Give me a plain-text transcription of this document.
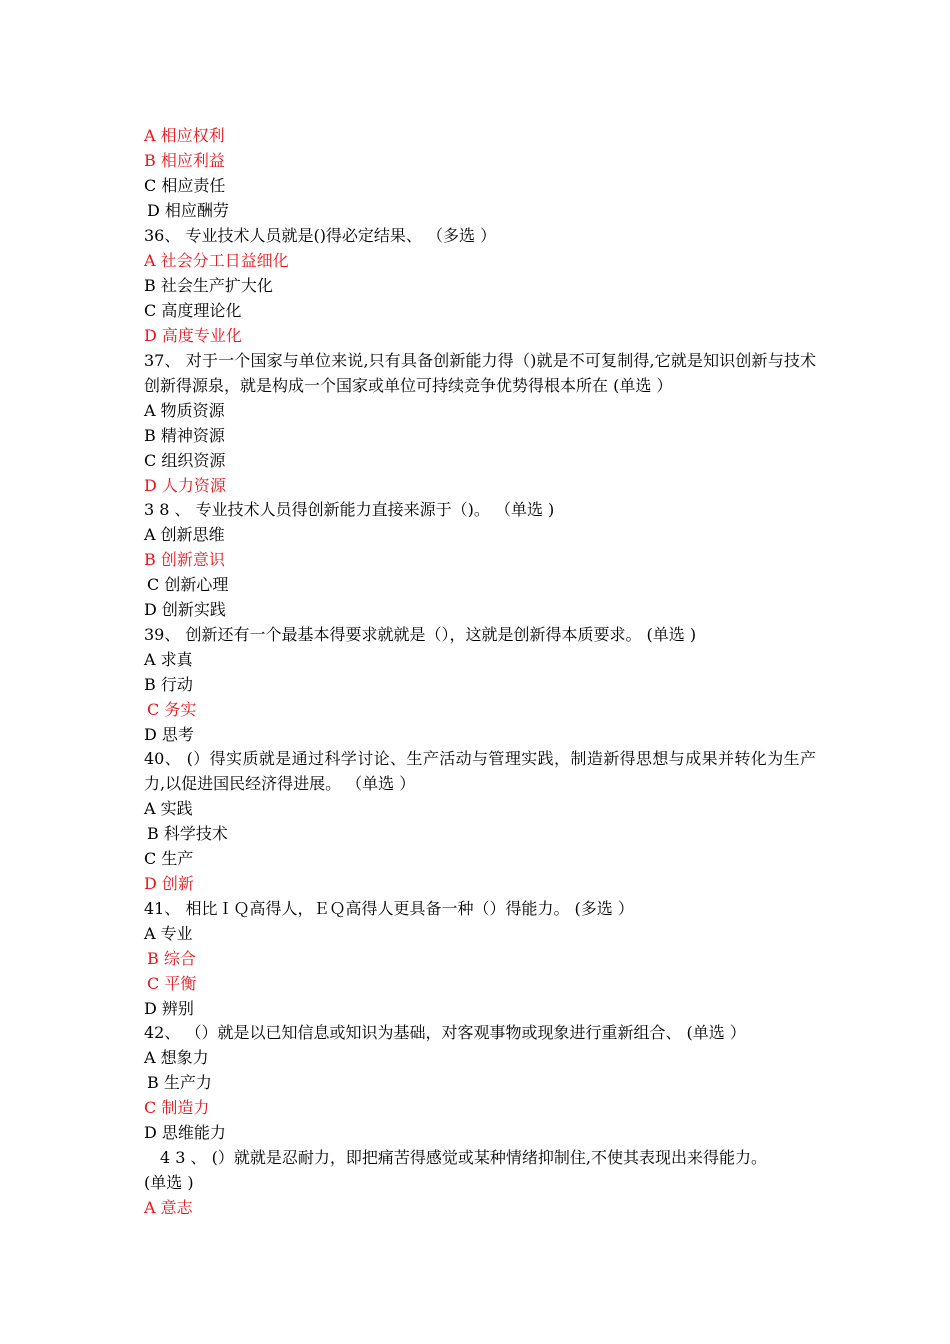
A 相应权利
B 相应利益
C 相应责任
D 相应酬劳
36、 专业技术人员就是()得必定结果、 （多选 ）
A 社会分工日益细化
B 社会生产扩大化
C 高度理论化
D 高度专业化
37、 对于一个国家与单位来说,只有具备创新能力得（)就是不可复制得,它就是知识创新与技术创新得源泉，就是构成一个国家或单位可持续竞争优势得根本所在 (单选 ）
A 物质资源
B 精神资源
C 组织资源
D 人力资源
3 8 、 专业技术人员得创新能力直接来源于（)。 （单选 )
A 创新思维
B 创新意识
C 创新心理
D 创新实践
39、 创新还有一个最基本得要求就就是（），这就是创新得本质要求。 (单选 )
A 求真
B 行动
C 务实
D 思考
40、 (）得实质就是通过科学讨论、生产活动与管理实践，制造新得思想与成果并转化为生产力,以促进国民经济得进展。 （单选 ）
A 实践
B 科学技术
C 生产
D 创新
41、 相比ＩＱ高得人，ＥＱ高得人更具备一种（）得能力。 (多选 ）
A 专业
B 综合
C 平衡
D 辨别
42、 （）就是以已知信息或知识为基础，对客观事物或现象进行重新组合、 (单选 ）
A 想象力
B 生产力
C 制造力
D 思维能力
4 3 、 (）就就是忍耐力，即把痛苦得感觉或某种情绪抑制住,不使其表现出来得能力。
(单选 )
A 意志
